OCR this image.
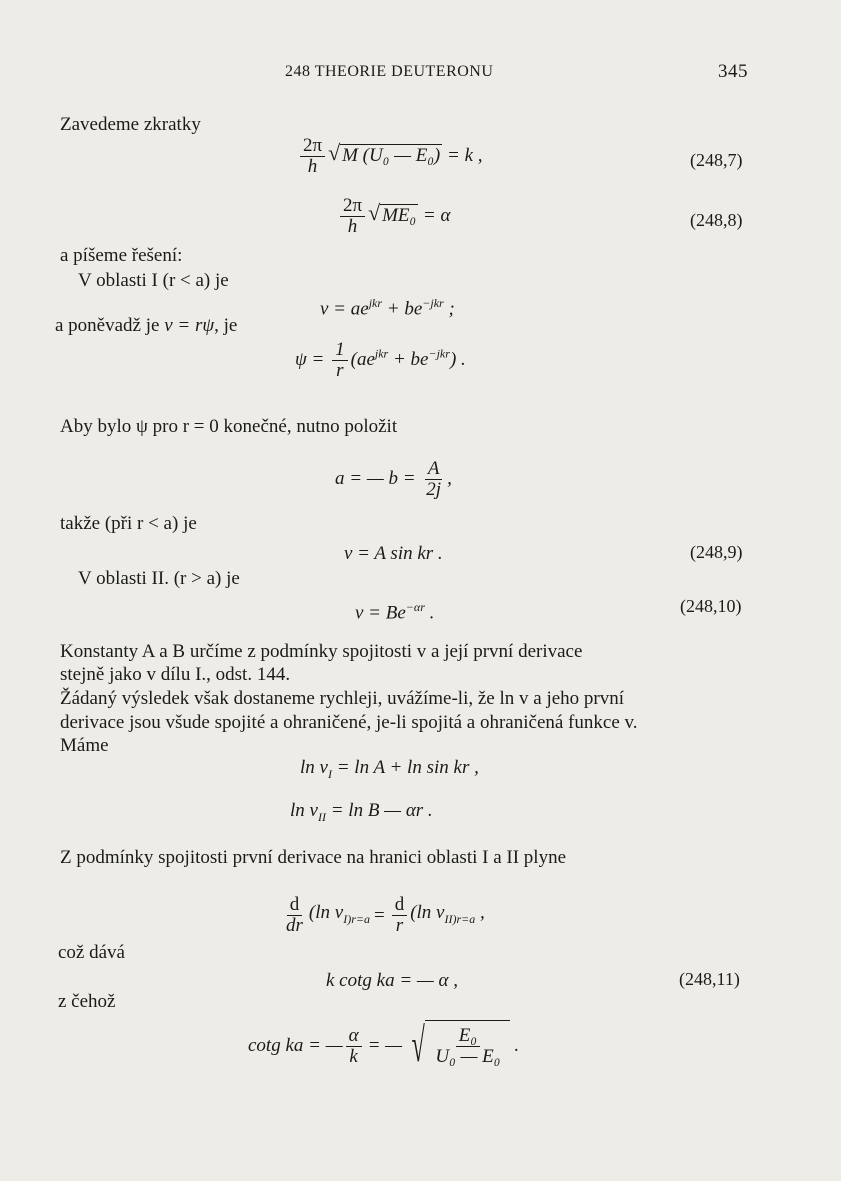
248 THEORIE DEUTERONU	345
Zavedeme zkratky
$\frac{2\pi}{h}$ √ M (U₀ — E₀) = k ,	(248,7)
$\frac{2\pi}{h}$ √ ME₀ = α	(248,8)
a píšeme řešení:
V oblasti I (r < a) je
$v = ae^{jkr} + be^{-jkr}$ ;
a poněvadž je v = rψ, je
$\psi = \frac{1}{r} (ae^{jkr} + be^{-jkr})$ .
Aby bylo ψ pro r = 0 konečné, nutno položit
a = — $b = \frac{A}{2j}$ ,
takže (při r < a) je
v = A sin kr .	(248,9)
V oblasti II. (r > a) je
$v = Be^{-\alpha r}$ .	(248,10)
Konstanty A a B určíme z podmínky spojitosti v a její první derivace
stejně jako v dílu I., odst. 144.
Žádaný výsledek však dostaneme rychleji, uvážíme-li, že ln v a jeho první
derivace jsou všude spojité a ohraničené, je-li spojitá a ohraničená funkce v.
Máme
$\ln v_I = \ln A + \ln \sin$ kr ,
$\ln v_{II} = \ln B$ — αr .
Z podmínky spojitosti první derivace na hranici oblasti I a II plyne
$\frac{d}{dr} (\ln$ $v_{I)r=a} = \frac{d}{r} (\ln$ $v_{II)r=a}$ ,
což dává
k cotg ka = — α ,	(248,11)
z čehož
cotg ka = — $\frac{\alpha}{k}$ = — √ $\frac{\text{E₀}}{\text{U₀ — E₀}}$ .
